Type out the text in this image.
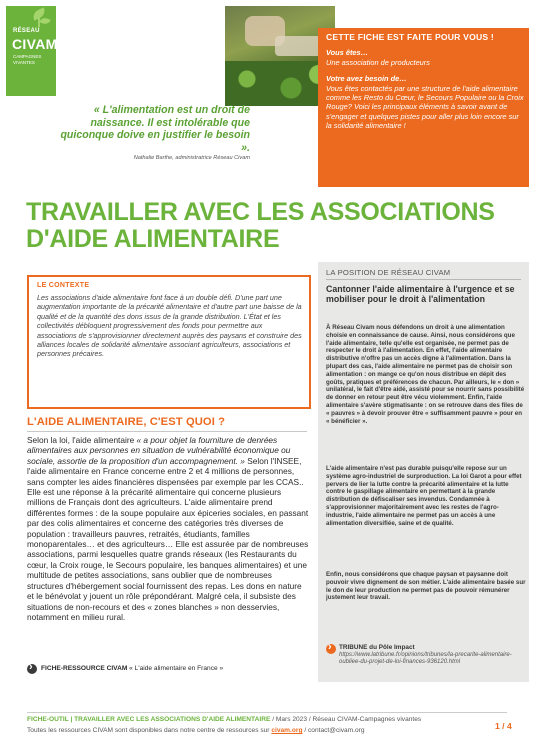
RÉSEAU
CIVAM
CAMPAGNES VIVANTES
CETTE FICHE EST FAITE POUR VOUS !
Vous êtes…
Une association de producteurs
Votre avez besoin de…
Vous êtes contactés par une structure de l'aide alimentaire comme les Resto du Cœur, le Secours Populaire ou la Croix Rouge? Voici les principaux éléments à savoir avant de s'engager et quelques pistes pour aller plus loin encore sur la solidarité alimentaire !
« L'alimentation est un droit de naissance. Il est intolérable que quiconque doive en justifier le besoin ».
Nathalie Barthe, administratrice Réseau Civam
TRAVAILLER AVEC LES ASSOCIATIONS D'AIDE ALIMENTAIRE
LE CONTEXTE
Les associations d'aide alimentaire font face à un double défi. D'une part une augmentation importante de la précarité alimentaire et d'autre part une baisse de la qualité et de la quantité des dons issus de la grande distribution. L'État et les collectivités débloquent progressivement des fonds pour permettre aux associations de s'approvisionner directement auprès des paysans et construire des alliances locales de solidarité alimentaire associant agriculteurs, associations et personnes précaires.
LA POSITION DE RÉSEAU CIVAM
Cantonner l'aide alimentaire à l'urgence et se mobiliser pour le droit à l'alimentation

À Réseau Civam nous défendons un droit à une alimentation choisie en connaissance de cause. Ainsi, nous considérons que l'aide alimentaire, telle qu'elle est organisée, ne permet pas de respecter le droit à l'alimentation. En effet, l'aide alimentaire distributive n'offre pas un accès digne à l'alimentation. Dans la plupart des cas, l'aide alimentaire ne permet pas de choisir son alimentation : on mange ce qu'on nous distribue en dépit des goûts, pratiques et préférences de chacun. Par ailleurs, le « don » unilatéral, le fait d'être aidé, assisté pour se nourrir sans possibilité de donner en retour peut être vécu violemment. Enfin, l'aide alimentaire s'avère stigmatisante : on se retrouve dans des files de « pauvres » à devoir prouver être « suffisamment pauvre » pour en « bénéficier ».

L'aide alimentaire n'est pas durable puisqu'elle repose sur un système agro-industriel de surproduction. La loi Garot a pour effet pervers de lier la lutte contre la précarité alimentaire et la lutte contre le gaspillage alimentaire en permettant à la grande distribution de défiscaliser ses invendus. Condamnée à s'approvisionner majoritairement avec les restes de l'agro-industrie, l'aide alimentaire ne permet pas un accès à une alimentation diversifiée, saine et de qualité.

Enfin, nous considérons que chaque paysan et paysanne doit pouvoir vivre dignement de son métier. L'aide alimentaire basée sur le don de leur production ne permet pas de pouvoir rémunérer justement leur travail.

›
TRIBUNE du Pôle Impact
https://www.latribune.fr/opinions/tribunes/la-precarite-alimentaire-oubliee-du-projet-de-loi-finances-936120.html
L'AIDE ALIMENTAIRE, C'EST QUOI ?

Selon la loi, l'aide alimentaire « a pour objet la fourniture de denrées alimentaires aux personnes en situation de vulnérabilité économique ou sociale, assortie de la proposition d'un accompagnement. » Selon l'INSEE, l'aide alimentaire en France concerne entre 2 et 4 millions de personnes, sans compter les aides financières dispensées par exemple par les CCAS.. Elle est une réponse à la précarité alimentaire qui concerne plusieurs millions de Français dont des agriculteurs. L'aide alimentaire prend différentes formes : de la soupe populaire aux épiceries sociales, en passant par des colis alimentaires et concerne des catégories très diverses de population : travailleurs pauvres, retraités, étudiants, familles monoparentales… et des agriculteurs… Elle est assurée par de nombreuses associations, parmi lesquelles quatre grands réseaux (les Restaurants du cœur, la Croix rouge, le Secours populaire, les banques alimentaires) et une multitude de petites associations, sans oublier que de nombreuses structures d'hébergement social fournissent des repas. Les dons en nature et le bénévolat y jouent un rôle prépondérant. Malgré cela, il subsiste des situations de non-recours et des « zones blanches » non desservies, notamment en milieu rural.

›
FICHE-RESSOURCE CIVAM « L'aide alimentaire en France »
FICHE-OUTIL | TRAVAILLER AVEC LES ASSOCIATIONS D'AIDE ALIMENTAIRE / Mars 2023 / Réseau CIVAM-Campagnes vivantes
Toutes les ressources CIVAM sont disponibles dans notre centre de ressources sur civam.org / contact@civam.org	1 / 4
